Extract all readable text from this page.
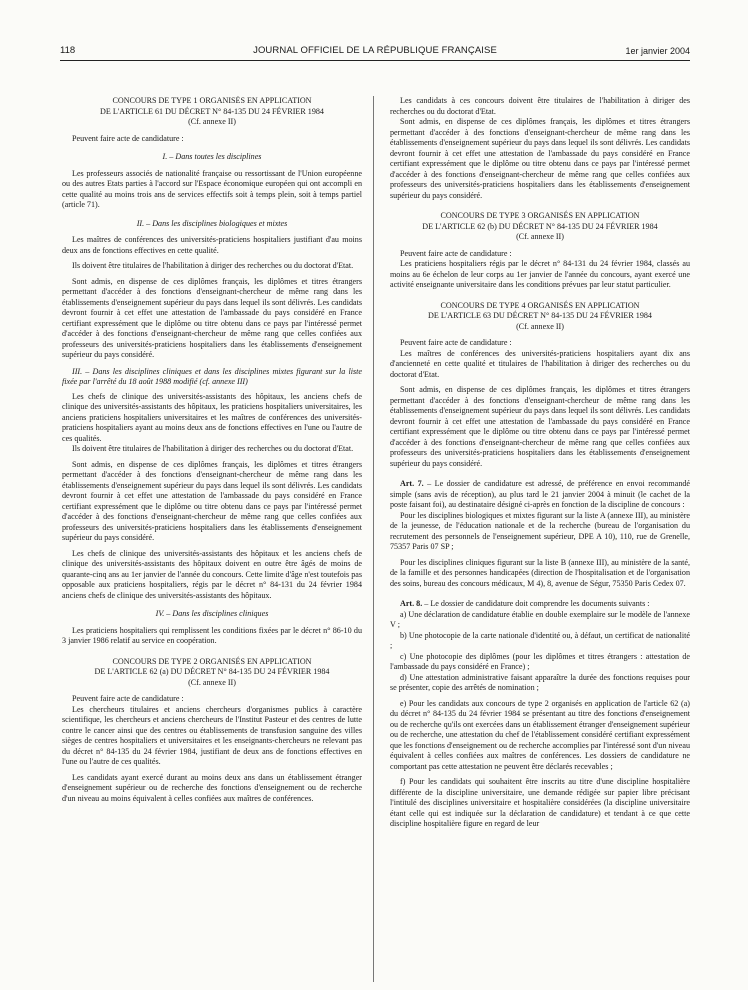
118	JOURNAL OFFICIEL DE LA RÉPUBLIQUE FRANÇAISE	1er janvier 2004

CONCOURS DE TYPE 1 ORGANISÉS EN APPLICATION

DE L'ARTICLE 61 DU DÉCRET N° 84-135 DU 24 FÉVRIER 1984

(Cf. annexe II)

Peuvent faire acte de candidature :

I. – Dans toutes les disciplines

Les professeurs associés de nationalité française ou ressortissant de l'Union européenne ou des autres Etats parties à l'accord sur l'Espace économique européen qui ont accompli en cette qualité au moins trois ans de services effectifs soit à temps plein, soit à temps partiel (article 71).

II. – Dans les disciplines biologiques et mixtes

Les maîtres de conférences des universités-praticiens hospitaliers justifiant d'au moins deux ans de fonctions effectives en cette qualité.

Ils doivent être titulaires de l'habilitation à diriger des recherches ou du doctorat d'Etat.

Sont admis, en dispense de ces diplômes français, les diplômes et titres étrangers permettant d'accéder à des fonctions d'enseignant-chercheur de même rang dans les établissements d'enseignement supérieur du pays dans lequel ils sont délivrés. Les candidats devront fournir à cet effet une attestation de l'ambassade du pays considéré en France certifiant expressément que le diplôme ou titre obtenu dans ce pays par l'intéressé permet d'accéder à des fonctions d'enseignant-chercheur de même rang que celles confiées aux professeurs des universités-praticiens hospitaliers dans les établissements d'enseignement supérieur du pays considéré.

III. – Dans les disciplines cliniques et dans les disciplines mixtes figurant sur la liste fixée par l'arrêté du 18 août 1988 modifié (cf. annexe III)

Les chefs de clinique des universités-assistants des hôpitaux, les anciens chefs de clinique des universités-assistants des hôpitaux, les praticiens hospitaliers universitaires, les anciens praticiens hospitaliers universitaires et les maîtres de conférences des universités-praticiens hospitaliers ayant au moins deux ans de fonctions effectives en l'une ou l'autre de ces qualités.

Ils doivent être titulaires de l'habilitation à diriger des recherches ou du doctorat d'Etat.

Sont admis, en dispense de ces diplômes français, les diplômes et titres étrangers permettant d'accéder à des fonctions d'enseignant-chercheur de même rang dans les établissements d'enseignement supérieur du pays dans lequel ils sont délivrés. Les candidats devront fournir à cet effet une attestation de l'ambassade du pays considéré en France certifiant expressément que le diplôme ou titre obtenu dans ce pays par l'intéressé permet d'accéder à des fonctions d'enseignant-chercheur de même rang que celles confiées aux professeurs des universités-praticiens hospitaliers dans les établissements d'enseignement supérieur du pays considéré.

Les chefs de clinique des universités-assistants des hôpitaux et les anciens chefs de clinique des universités-assistants des hôpitaux doivent en outre être âgés de moins de quarante-cinq ans au 1er janvier de l'année du concours. Cette limite d'âge n'est toutefois pas opposable aux praticiens hospitaliers, régis par le décret n° 84-131 du 24 février 1984 anciens chefs de clinique des universités-assistants des hôpitaux.

IV. – Dans les disciplines cliniques

Les praticiens hospitaliers qui remplissent les conditions fixées par le décret n° 86-10 du 3 janvier 1986 relatif au service en coopération.

CONCOURS DE TYPE 2 ORGANISÉS EN APPLICATION

DE L'ARTICLE 62 (a) DU DÉCRET N° 84-135 DU 24 FÉVRIER 1984

(Cf. annexe II)

Peuvent faire acte de candidature :

Les chercheurs titulaires et anciens chercheurs d'organismes publics à caractère scientifique, les chercheurs et anciens chercheurs de l'Institut Pasteur et des centres de lutte contre le cancer ainsi que des centres ou établissements de transfusion sanguine des villes sièges de centres hospitaliers et universitaires et les enseignants-chercheurs ne relevant pas du décret n° 84-135 du 24 février 1984, justifiant de deux ans de fonctions effectives en l'une ou l'autre de ces qualités.

Les candidats ayant exercé durant au moins deux ans dans un établissement étranger d'enseignement supérieur ou de recherche des fonctions d'enseignement ou de recherche d'un niveau au moins équivalent à celles confiées aux maîtres de conférences.

Les candidats à ces concours doivent être titulaires de l'habilitation à diriger des recherches ou du doctorat d'Etat.

Sont admis, en dispense de ces diplômes français, les diplômes et titres étrangers permettant d'accéder à des fonctions d'enseignant-chercheur de même rang dans les établissements d'enseignement supérieur du pays dans lequel ils sont délivrés. Les candidats devront fournir à cet effet une attestation de l'ambassade du pays considéré en France certifiant expressément que le diplôme ou titre obtenu dans ce pays par l'intéressé permet d'accéder à des fonctions d'enseignant-chercheur de même rang que celles confiées aux professeurs des universités-praticiens hospitaliers dans les établissements d'enseignement supérieur du pays considéré.

CONCOURS DE TYPE 3 ORGANISÉS EN APPLICATION

DE L'ARTICLE 62 (b) DU DÉCRET N° 84-135 DU 24 FÉVRIER 1984

(Cf. annexe II)

Peuvent faire acte de candidature :

Les praticiens hospitaliers régis par le décret n° 84-131 du 24 février 1984, classés au moins au 6e échelon de leur corps au 1er janvier de l'année du concours, ayant exercé une activité enseignante universitaire dans les conditions prévues par leur statut particulier.

CONCOURS DE TYPE 4 ORGANISÉS EN APPLICATION

DE L'ARTICLE 63 DU DÉCRET N° 84-135 DU 24 FÉVRIER 1984

(Cf. annexe II)

Peuvent faire acte de candidature :

Les maîtres de conférences des universités-praticiens hospitaliers ayant dix ans d'ancienneté en cette qualité et titulaires de l'habilitation à diriger des recherches ou du doctorat d'Etat.

Sont admis, en dispense de ces diplômes français, les diplômes et titres étrangers permettant d'accéder à des fonctions d'enseignant-chercheur de même rang dans les établissements d'enseignement supérieur du pays dans lequel ils sont délivrés. Les candidats devront fournir à cet effet une attestation de l'ambassade du pays considéré en France certifiant expressément que le diplôme ou titre obtenu dans ce pays par l'intéressé permet d'accéder à des fonctions d'enseignant-chercheur de même rang que celles confiées aux professeurs des universités-praticiens hospitaliers dans les établissements d'enseignement supérieur du pays considéré.

Art. 7. – Le dossier de candidature est adressé, de préférence en envoi recommandé simple (sans avis de réception), au plus tard le 21 janvier 2004 à minuit (le cachet de la poste faisant foi), au destinataire désigné ci-après en fonction de la discipline de concours :

Pour les disciplines biologiques et mixtes figurant sur la liste A (annexe III), au ministère de la jeunesse, de l'éducation nationale et de la recherche (bureau de l'organisation du recrutement des personnels de l'enseignement supérieur, DPE A 10), 110, rue de Grenelle, 75357 Paris 07 SP ;

Pour les disciplines cliniques figurant sur la liste B (annexe III), au ministère de la santé, de la famille et des personnes handicapées (direction de l'hospitalisation et de l'organisation des soins, bureau des concours médicaux, M 4), 8, avenue de Ségur, 75350 Paris Cedex 07.

Art. 8. – Le dossier de candidature doit comprendre les documents suivants :

a) Une déclaration de candidature établie en double exemplaire sur le modèle de l'annexe V ;

b) Une photocopie de la carte nationale d'identité ou, à défaut, un certificat de nationalité ;

c) Une photocopie des diplômes (pour les diplômes et titres étrangers : attestation de l'ambassade du pays considéré en France) ;

d) Une attestation administrative faisant apparaître la durée des fonctions requises pour se présenter, copie des arrêtés de nomination ;

e) Pour les candidats aux concours de type 2 organisés en application de l'article 62 (a) du décret n° 84-135 du 24 février 1984 se présentant au titre des fonctions d'enseignement ou de recherche qu'ils ont exercées dans un établissement étranger d'enseignement supérieur ou de recherche, une attestation du chef de l'établissement considéré certifiant expressément que les fonctions d'enseignement ou de recherche accomplies par l'intéressé sont d'un niveau équivalent à celles confiées aux maîtres de conférences. Les dossiers de candidature ne comportant pas cette attestation ne peuvent être déclarés recevables ;

f) Pour les candidats qui souhaitent être inscrits au titre d'une discipline hospitalière différente de la discipline universitaire, une demande rédigée sur papier libre précisant l'intitulé des disciplines universitaire et hospitalière considérées (la discipline universitaire étant celle qui est indiquée sur la déclaration de candidature) et tendant à ce que cette discipline hospitalière figure en regard de leur
